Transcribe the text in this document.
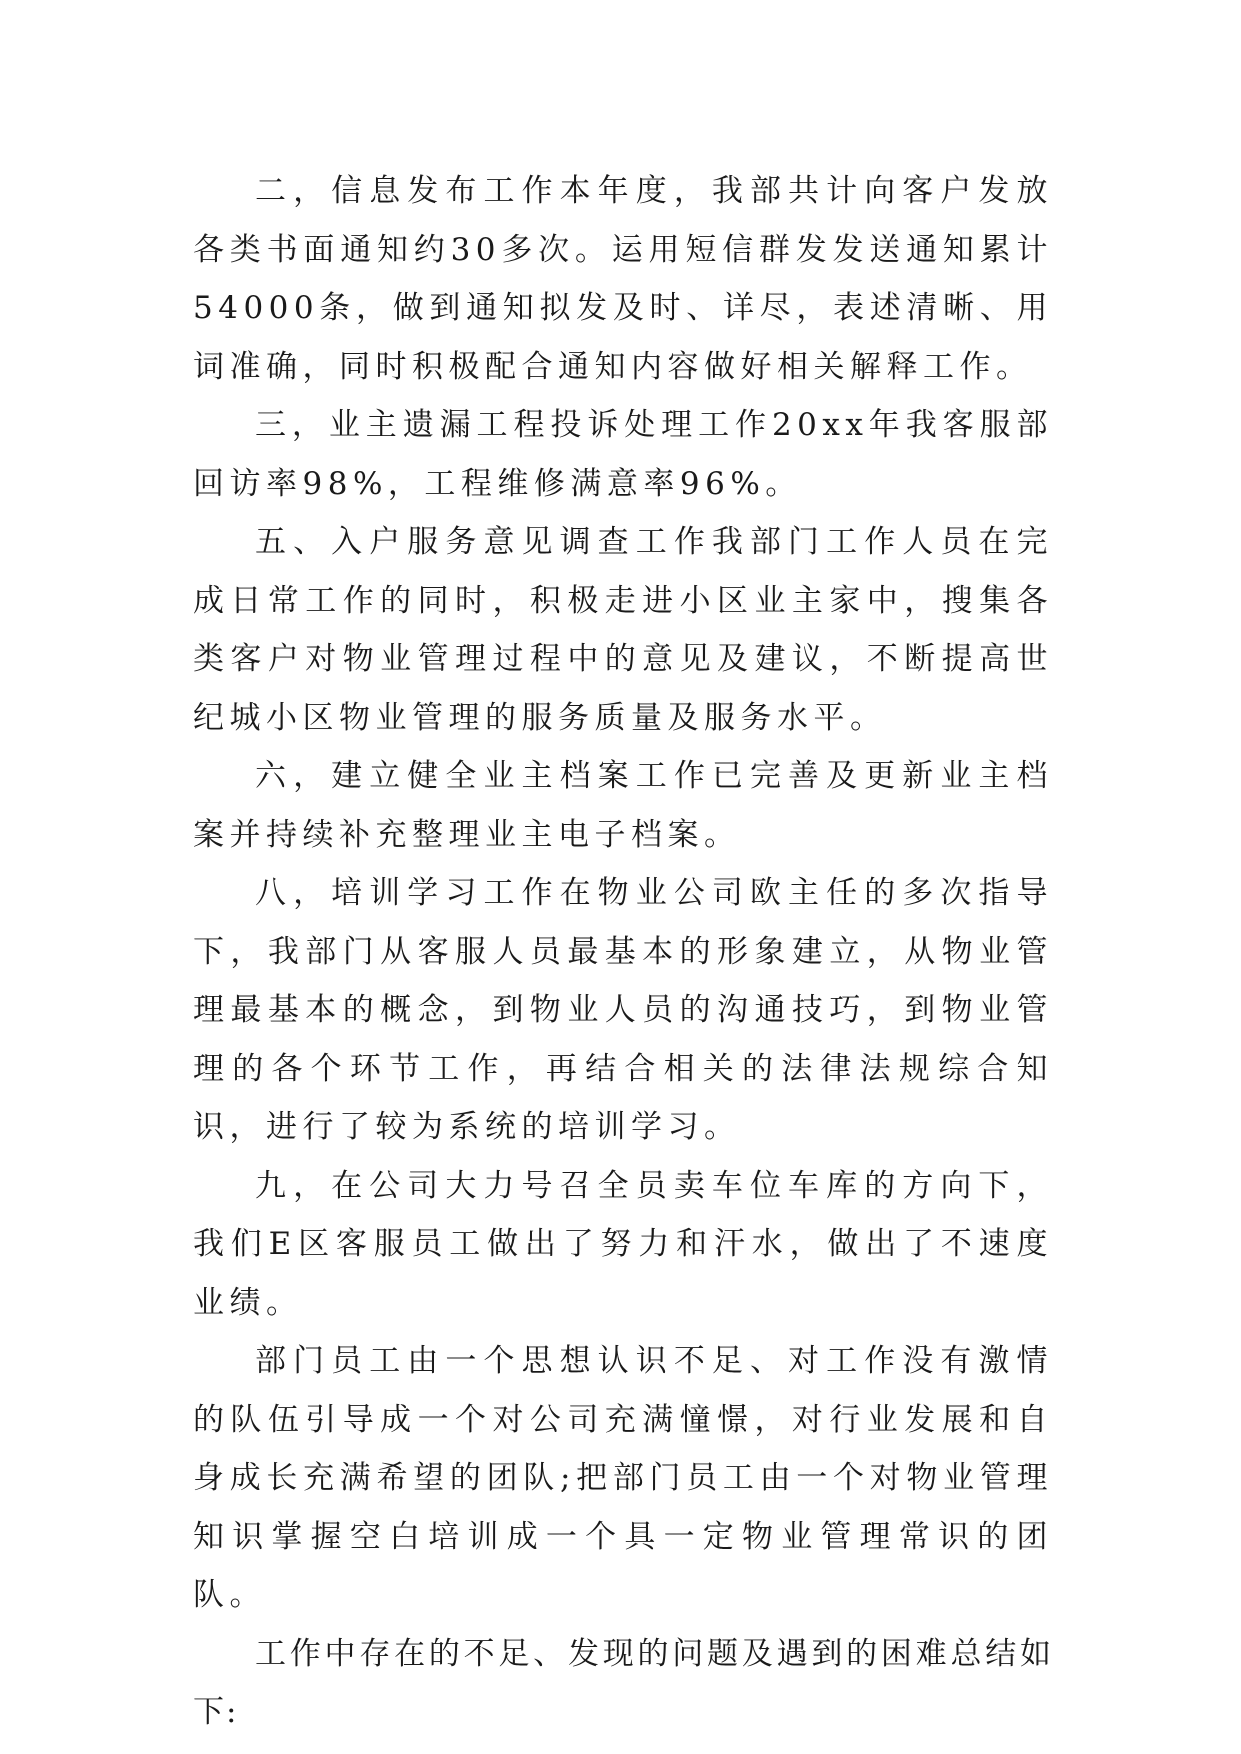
二，信息发布工作本年度，我部共计向客户发放各类书面通知约30多次。运用短信群发发送通知累计54000条，做到通知拟发及时、详尽，表述清晰、用词准确，同时积极配合通知内容做好相关解释工作。

三，业主遗漏工程投诉处理工作20xx年我客服部回访率98%，工程维修满意率96%。

五、入户服务意见调查工作我部门工作人员在完成日常工作的同时，积极走进小区业主家中，搜集各类客户对物业管理过程中的意见及建议，不断提高世纪城小区物业管理的服务质量及服务水平。

六，建立健全业主档案工作已完善及更新业主档案并持续补充整理业主电子档案。

八，培训学习工作在物业公司欧主任的多次指导下，我部门从客服人员最基本的形象建立，从物业管理最基本的概念，到物业人员的沟通技巧，到物业管理的各个环节工作，再结合相关的法律法规综合知识，进行了较为系统的培训学习。

九，在公司大力号召全员卖车位车库的方向下，我们E区客服员工做出了努力和汗水，做出了不速度业绩。

部门员工由一个思想认识不足、对工作没有激情的队伍引导成一个对公司充满憧憬，对行业发展和自身成长充满希望的团队;把部门员工由一个对物业管理知识掌握空白培训成一个具一定物业管理常识的团队。

工作中存在的不足、发现的问题及遇到的困难总结如下:
